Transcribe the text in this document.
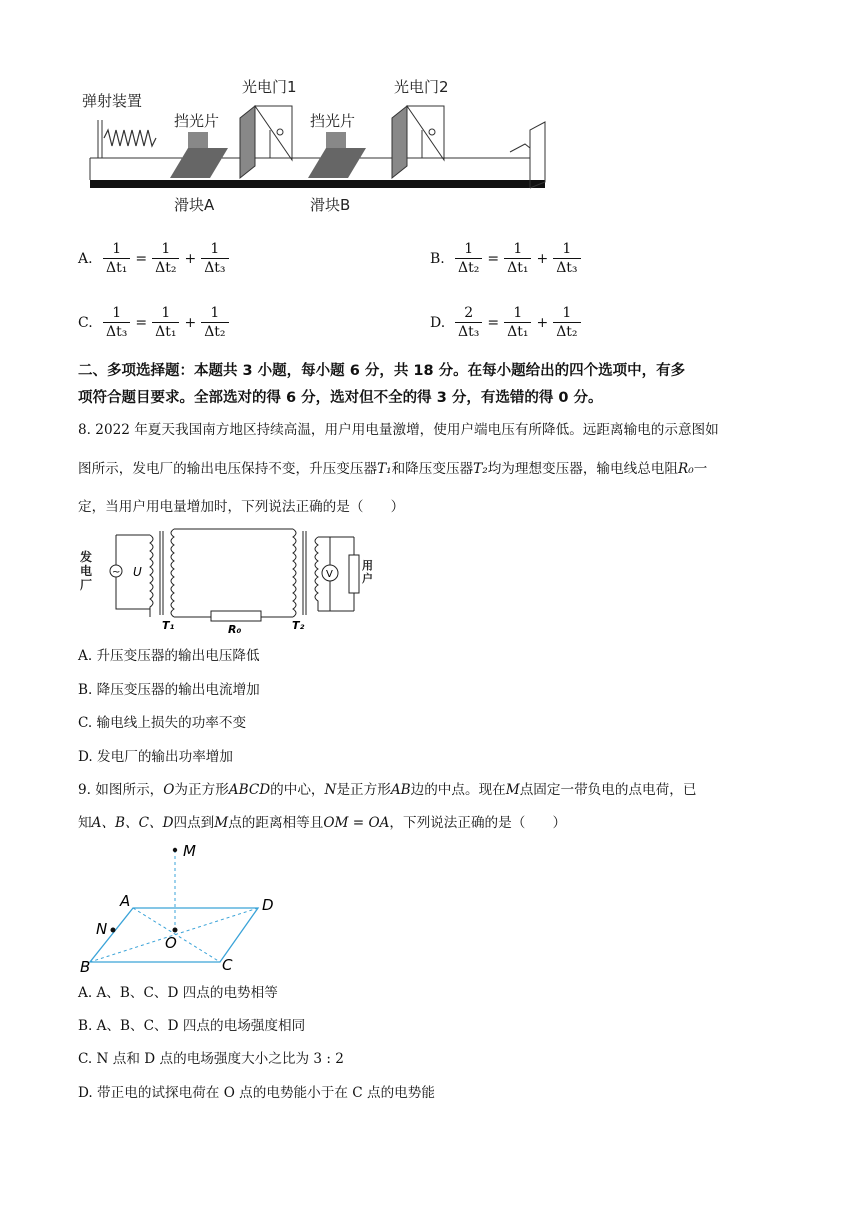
弹射装置
挡光片
滑块A
光电门1
挡光片
滑块B
光电门2
A. $\frac{1}{\text{Δt₁}} = \frac{1}{\text{Δt₂}} + \frac{1}{\text{Δt₃}}$	B. $\frac{1}{\text{Δt₂}} = \frac{1}{\text{Δt₁}} + \frac{1}{\text{Δt₃}}$
C. $\frac{1}{\text{Δt₃}} = \frac{1}{\text{Δt₁}} + \frac{1}{\text{Δt₂}}$	D. $\frac{2}{\text{Δt₃}} = \frac{1}{\text{Δt₁}} + \frac{1}{\text{Δt₂}}$
二、多项选择题：本题共 3 小题，每小题 6 分，共 18 分。在每小题给出的四个选项中，有多
项符合题目要求。全部选对的得 6 分，选对但不全的得 3 分，有选错的得 0 分。
8. 2022 年夏天我国南方地区持续高温，用户用电量激增，使用户端电压有所降低。远距离输电的示意图如
图所示，发电厂的输出电压保持不变，升压变压器T₁和降压变压器T₂均为理想变压器，输电线总电阻R₀一
定，当用户用电量增加时，下列说法正确的是（　　）
发
电
厂
~ U
T₁	R₀	T₂
V
用
户
A. 升压变压器的输出电压降低
B. 降压变压器的输出电流增加
C. 输电线上损失的功率不变
D. 发电厂的输出功率增加
9. 如图所示，O为正方形ABCD的中心，N是正方形AB边的中点。现在M点固定一带负电的点电荷，已
知A、B、C、D四点到M点的距离相等且OM = OA，下列说法正确的是（　　）
M
A	D
N
O
B	C
A. A、B、C、D 四点的电势相等
B. A、B、C、D 四点的电场强度相同
C. N 点和 D 点的电场强度大小之比为 3 : 2
D. 带正电的试探电荷在 O 点的电势能小于在 C 点的电势能
